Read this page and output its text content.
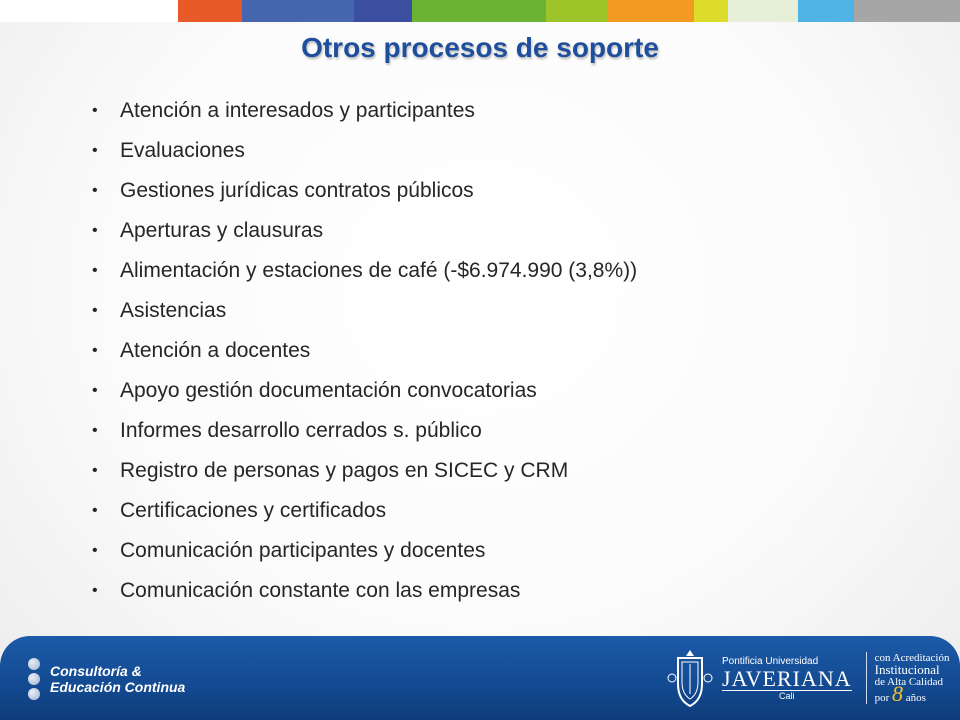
Otros procesos de soporte
• Atención a interesados y participantes
• Evaluaciones
• Gestiones jurídicas contratos públicos
• Aperturas y clausuras
• Alimentación y estaciones de café (-$6.974.990 (3,8%))
• Asistencias
• Atención a docentes
• Apoyo gestión documentación convocatorias
• Informes desarrollo cerrados s. público
• Registro de personas y pagos en SICEC y CRM
• Certificaciones y certificados
• Comunicación participantes y docentes
• Comunicación constante con las empresas
Consultoría &
Educación Continua
Pontificia Universidad
JAVERIANA
Cali
con Acreditación
Institucional
de Alta Calidad
por 8 años
